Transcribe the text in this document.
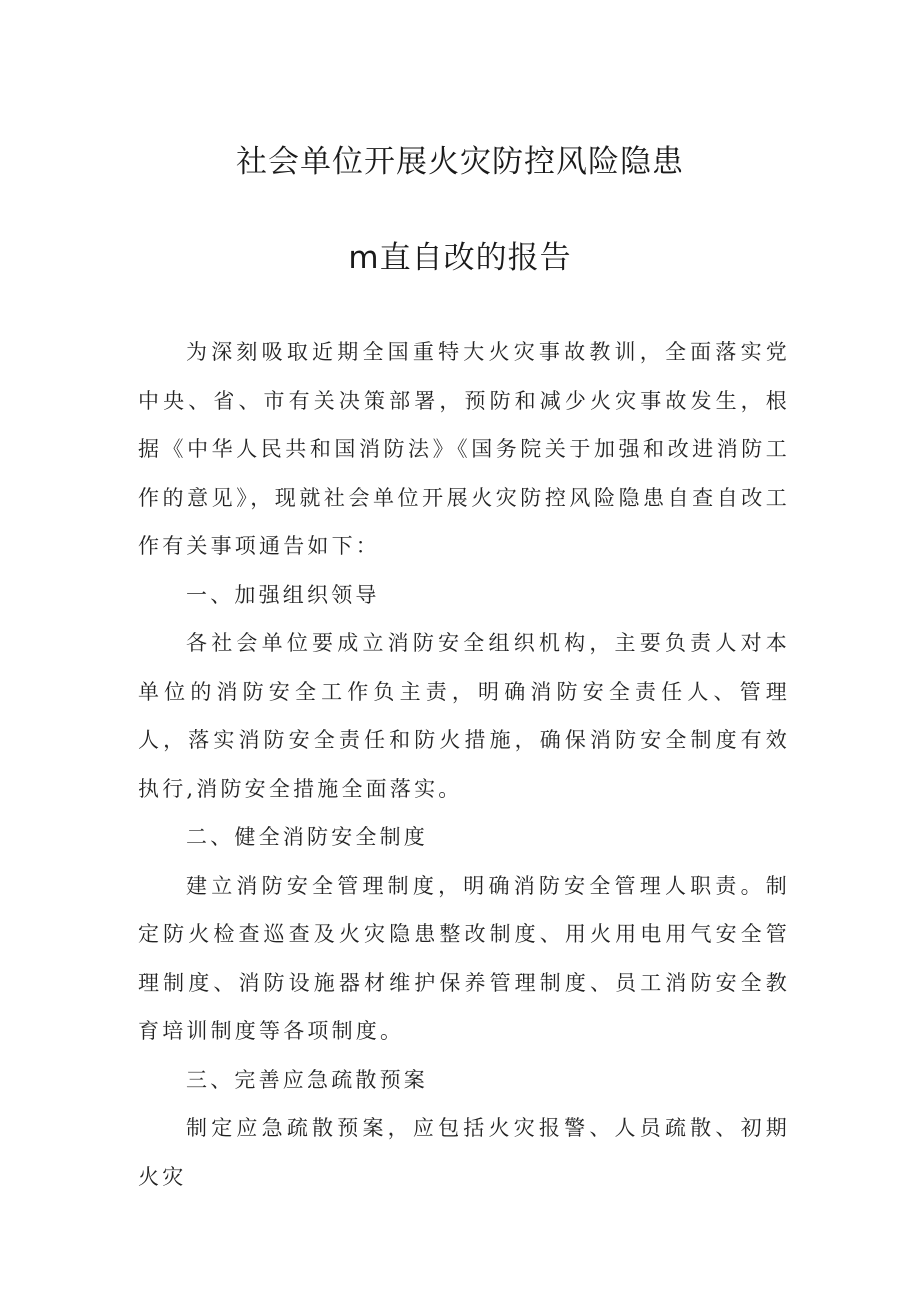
社会单位开展火灾防控风险隐患

m直自改的报告

为深刻吸取近期全国重特大火灾事故教训，全面落实党中央、省、市有关决策部署，预防和减少火灾事故发生，根据《中华人民共和国消防法》《国务院关于加强和改进消防工作的意见》，现就社会单位开展火灾防控风险隐患自查自改工作有关事项通告如下：

一、加强组织领导

各社会单位要成立消防安全组织机构，主要负责人对本单位的消防安全工作负主责，明确消防安全责任人、管理人，落实消防安全责任和防火措施，确保消防安全制度有效执行,消防安全措施全面落实。

二、健全消防安全制度

建立消防安全管理制度，明确消防安全管理人职责。制定防火检查巡查及火灾隐患整改制度、用火用电用气安全管理制度、消防设施器材维护保养管理制度、员工消防安全教育培训制度等各项制度。

三、完善应急疏散预案

制定应急疏散预案，应包括火灾报警、人员疏散、初期火灾
